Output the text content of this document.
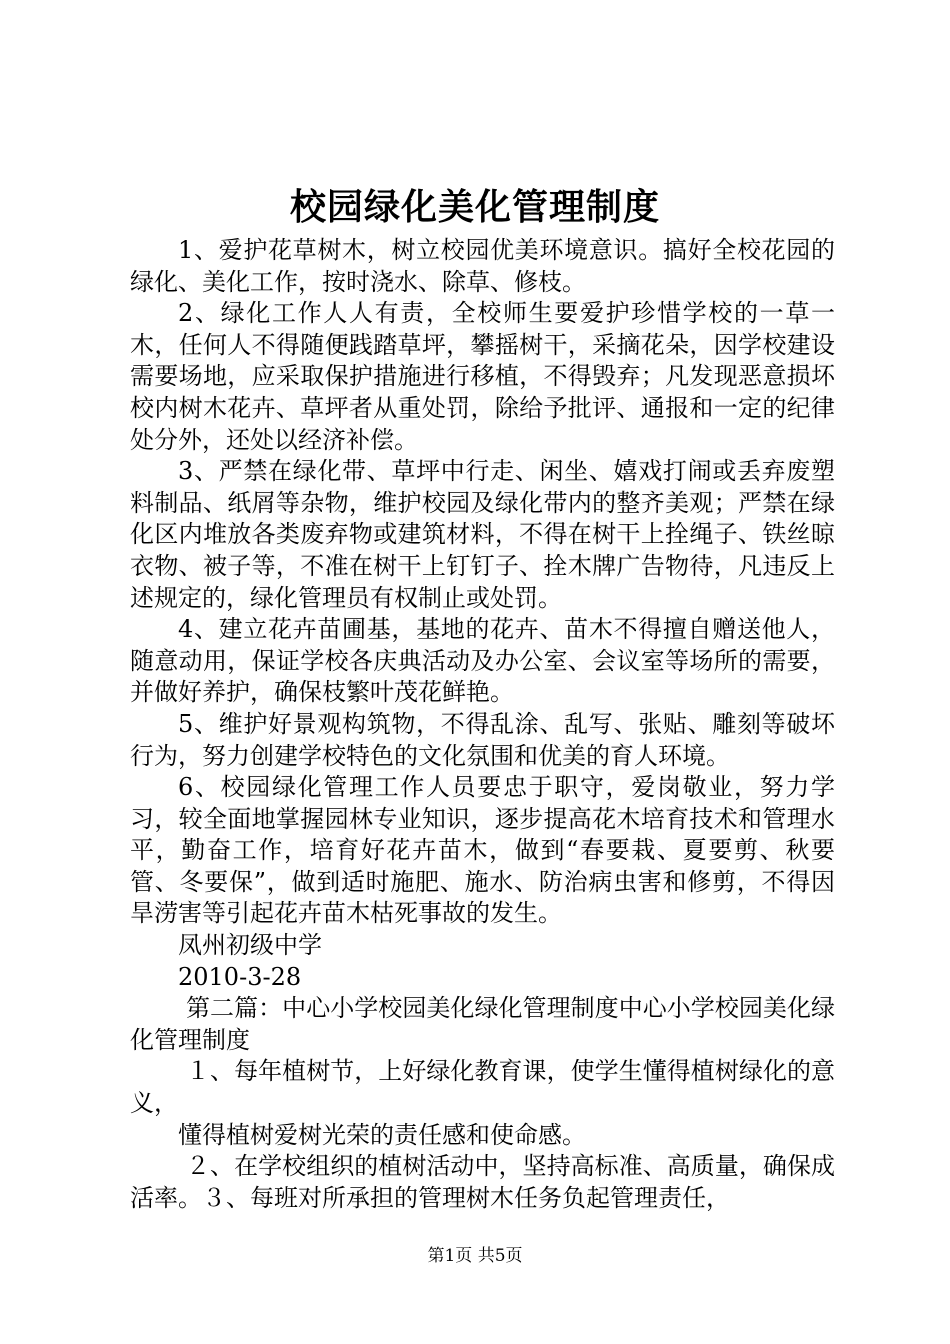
校园绿化美化管理制度

1、爱护花草树木，树立校园优美环境意识。搞好全校花园的绿化、美化工作，按时浇水、除草、修枝。

2、绿化工作人人有责，全校师生要爱护珍惜学校的一草一木，任何人不得随便践踏草坪，攀摇树干，采摘花朵，因学校建设需要场地，应采取保护措施进行移植，不得毁弃；凡发现恶意损坏校内树木花卉、草坪者从重处罚，除给予批评、通报和一定的纪律处分外，还处以经济补偿。

3、严禁在绿化带、草坪中行走、闲坐、嬉戏打闹或丢弃废塑料制品、纸屑等杂物，维护校园及绿化带内的整齐美观；严禁在绿化区内堆放各类废弃物或建筑材料，不得在树干上拴绳子、铁丝晾衣物、被子等，不准在树干上钉钉子、拴木牌广告物待，凡违反上述规定的，绿化管理员有权制止或处罚。

4、建立花卉苗圃基，基地的花卉、苗木不得擅自赠送他人，随意动用，保证学校各庆典活动及办公室、会议室等场所的需要，并做好养护，确保枝繁叶茂花鲜艳。

5、维护好景观构筑物，不得乱涂、乱写、张贴、雕刻等破坏行为，努力创建学校特色的文化氛围和优美的育人环境。

6、校园绿化管理工作人员要忠于职守，爱岗敬业，努力学习，较全面地掌握园林专业知识，逐步提高花木培育技术和管理水平，勤奋工作，培育好花卉苗木，做到“春要栽、夏要剪、秋要管、冬要保”，做到适时施肥、施水、防治病虫害和修剪，不得因旱涝害等引起花卉苗木枯死事故的发生。

凤州初级中学

2010-3-28

第二篇：中心小学校园美化绿化管理制度中心小学校园美化绿化管理制度

１、每年植树节，上好绿化教育课，使学生懂得植树绿化的意义，

懂得植树爱树光荣的责任感和使命感。

２、在学校组织的植树活动中，坚持高标准、高质量，确保成活率。３、每班对所承担的管理树木任务负起管理责任，

第1页 共5页
